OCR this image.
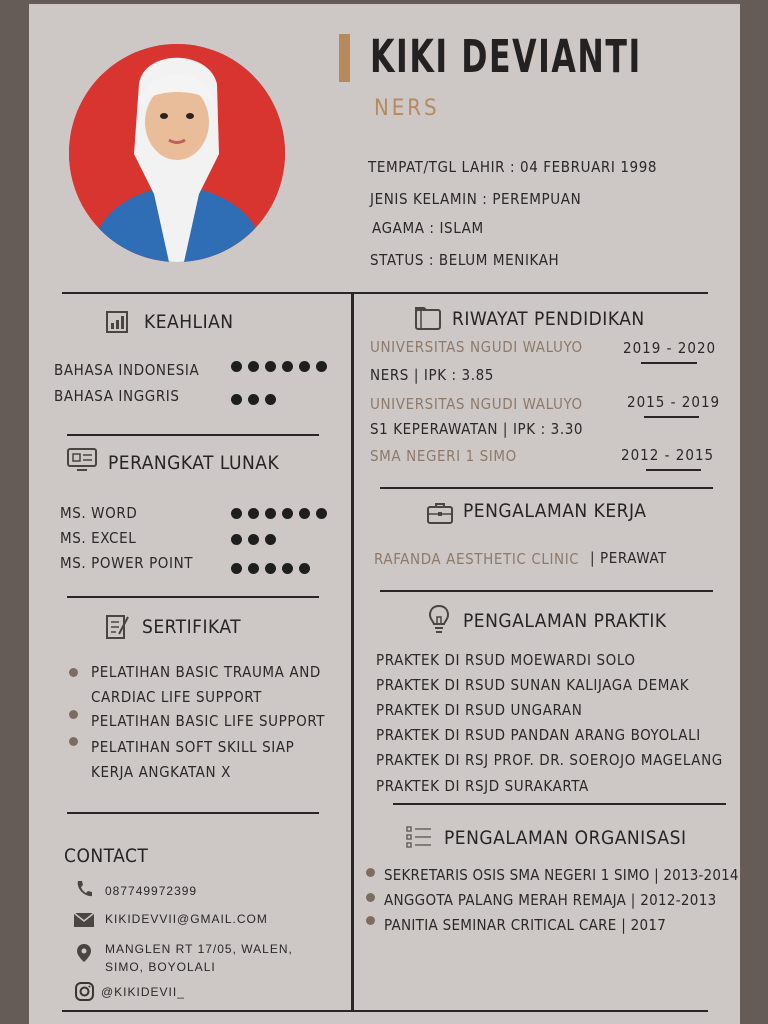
KIKI DEVIANTI
NERS
TEMPAT/TGL LAHIR : 04 FEBRUARI 1998
JENIS KELAMIN : PEREMPUAN
AGAMA : ISLAM
STATUS : BELUM MENIKAH
KEAHLIAN
BAHASA INDONESIA
BAHASA INGGRIS
PERANGKAT LUNAK
MS. WORD
MS. EXCEL
MS. POWER POINT
SERTIFIKAT
PELATIHAN BASIC TRAUMA AND CARDIAC LIFE SUPPORT
PELATIHAN BASIC LIFE SUPPORT
PELATIHAN SOFT SKILL SIAP KERJA ANGKATAN X
CONTACT
087749972399
KIKIDEVVII@GMAIL.COM
MANGLEN RT 17/05, WALEN, SIMO, BOYOLALI
@KIKIDEVII_
RIWAYAT PENDIDIKAN
UNIVERSITAS NGUDI WALUYO	2019 - 2020
NERS | IPK : 3.85
UNIVERSITAS NGUDI WALUYO	2015 - 2019
S1 KEPERAWATAN | IPK : 3.30
SMA NEGERI 1 SIMO	2012 - 2015
PENGALAMAN KERJA
RAFANDA AESTHETIC CLINIC | PERAWAT
PENGALAMAN PRAKTIK
PRAKTEK DI RSUD MOEWARDI SOLO
PRAKTEK DI RSUD SUNAN KALIJAGA DEMAK
PRAKTEK DI RSUD UNGARAN
PRAKTEK DI RSUD PANDAN ARANG BOYOLALI
PRAKTEK DI RSJ PROF. DR. SOEROJO MAGELANG
PRAKTEK DI RSJD SURAKARTA
PENGALAMAN ORGANISASI
SEKRETARIS OSIS SMA NEGERI 1 SIMO | 2013-2014
ANGGOTA PALANG MERAH REMAJA | 2012-2013
PANITIA SEMINAR CRITICAL CARE | 2017
